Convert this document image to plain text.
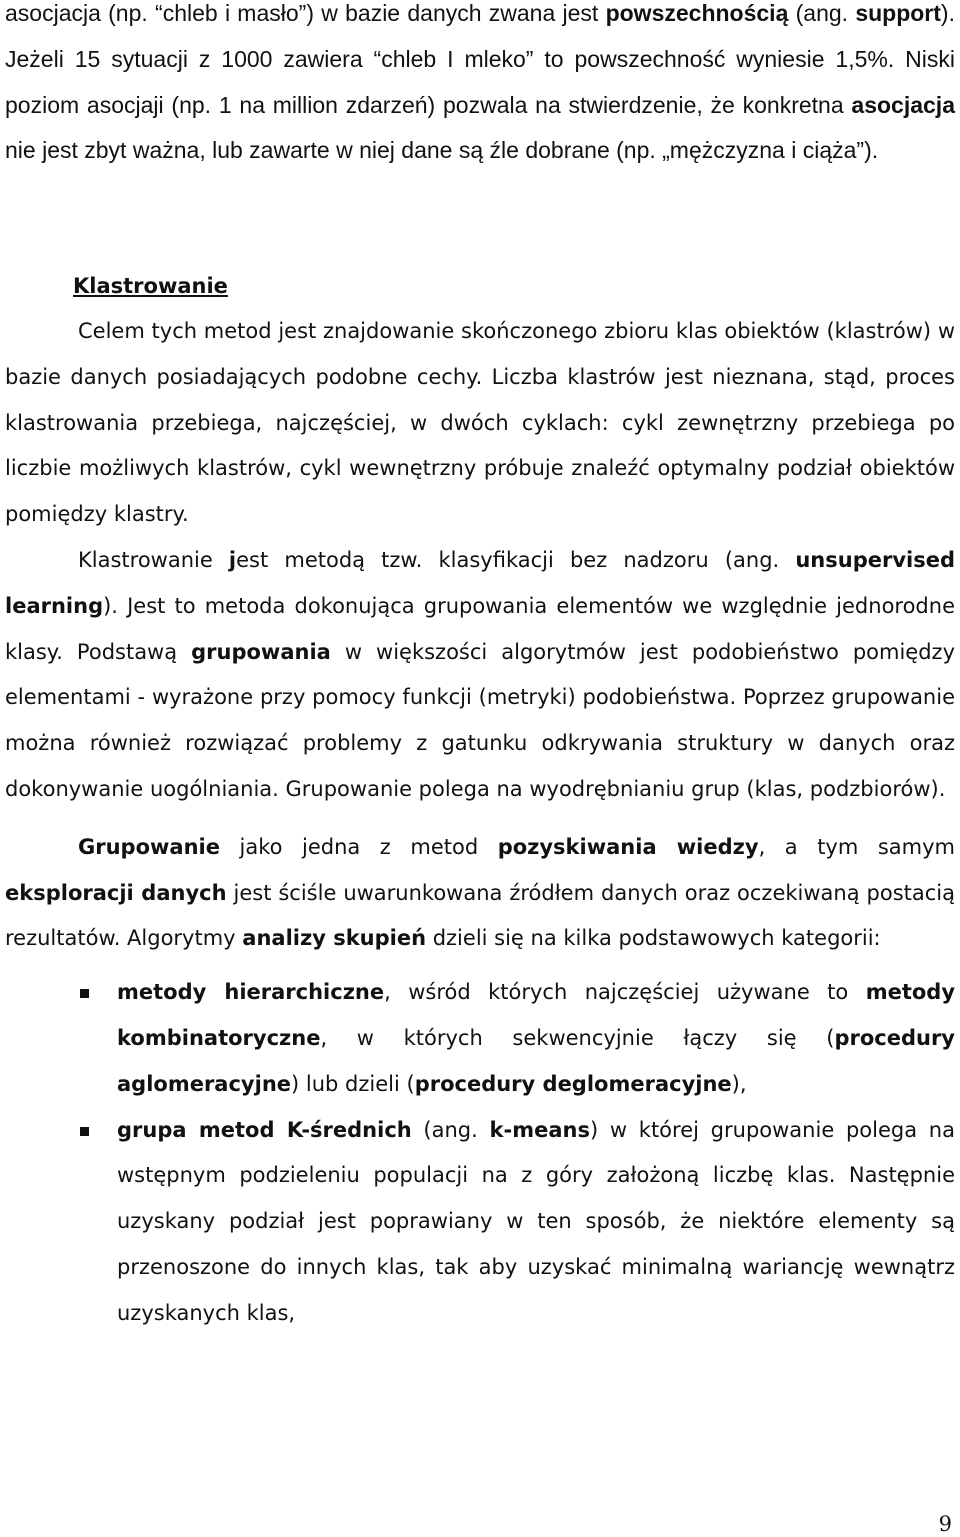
asocjacja (np. “chleb i masło”) w bazie danych zwana jest powszechnością (ang. support). Jeżeli 15 sytuacji z 1000 zawiera “chleb I mleko” to powszechność wyniesie 1,5%. Niski poziom asocjaji (np. 1 na million zdarzeń) pozwala na stwierdzenie, że konkretna asocjacja nie jest zbyt ważna, lub zawarte w niej dane są źle dobrane (np. „mężczyzna i ciąża”).

Klastrowanie

Celem tych metod jest znajdowanie skończonego zbioru klas obiektów (klastrów) w bazie danych posiadających podobne cechy. Liczba klastrów jest nieznana, stąd, proces klastrowania przebiega, najczęściej, w dwóch cyklach: cykl zewnętrzny przebiega po liczbie możliwych klastrów, cykl wewnętrzny próbuje znaleźć optymalny podział obiektów pomiędzy klastry.

Klastrowanie jest metodą tzw. klasyfikacji bez nadzoru (ang. unsupervised learning). Jest to metoda dokonująca grupowania elementów we względnie jednorodne klasy. Podstawą grupowania w większości algorytmów jest podobieństwo pomiędzy elementami - wyrażone przy pomocy funkcji (metryki) podobieństwa. Poprzez grupowanie można również rozwiązać problemy z gatunku odkrywania struktury w danych oraz dokonywanie uogólniania. Grupowanie polega na wyodrębnianiu grup (klas, podzbiorów).

Grupowanie jako jedna z metod pozyskiwania wiedzy, a tym samym eksploracji danych jest ściśle uwarunkowana źródłem danych oraz oczekiwaną postacią rezultatów. Algorytmy analizy skupień dzieli się na kilka podstawowych kategorii:

metody hierarchiczne, wśród których najczęściej używane to metody kombinatoryczne, w których sekwencyjnie łączy się (procedury aglomeracyjne) lub dzieli (procedury deglomeracyjne),
grupa metod K-średnich (ang. k-means) w której grupowanie polega na wstępnym podzieleniu populacji na z góry założoną liczbę klas. Następnie uzyskany podział jest poprawiany w ten sposób, że niektóre elementy są przenoszone do innych klas, tak aby uzyskać minimalną wariancję wewnątrz uzyskanych klas,
9
